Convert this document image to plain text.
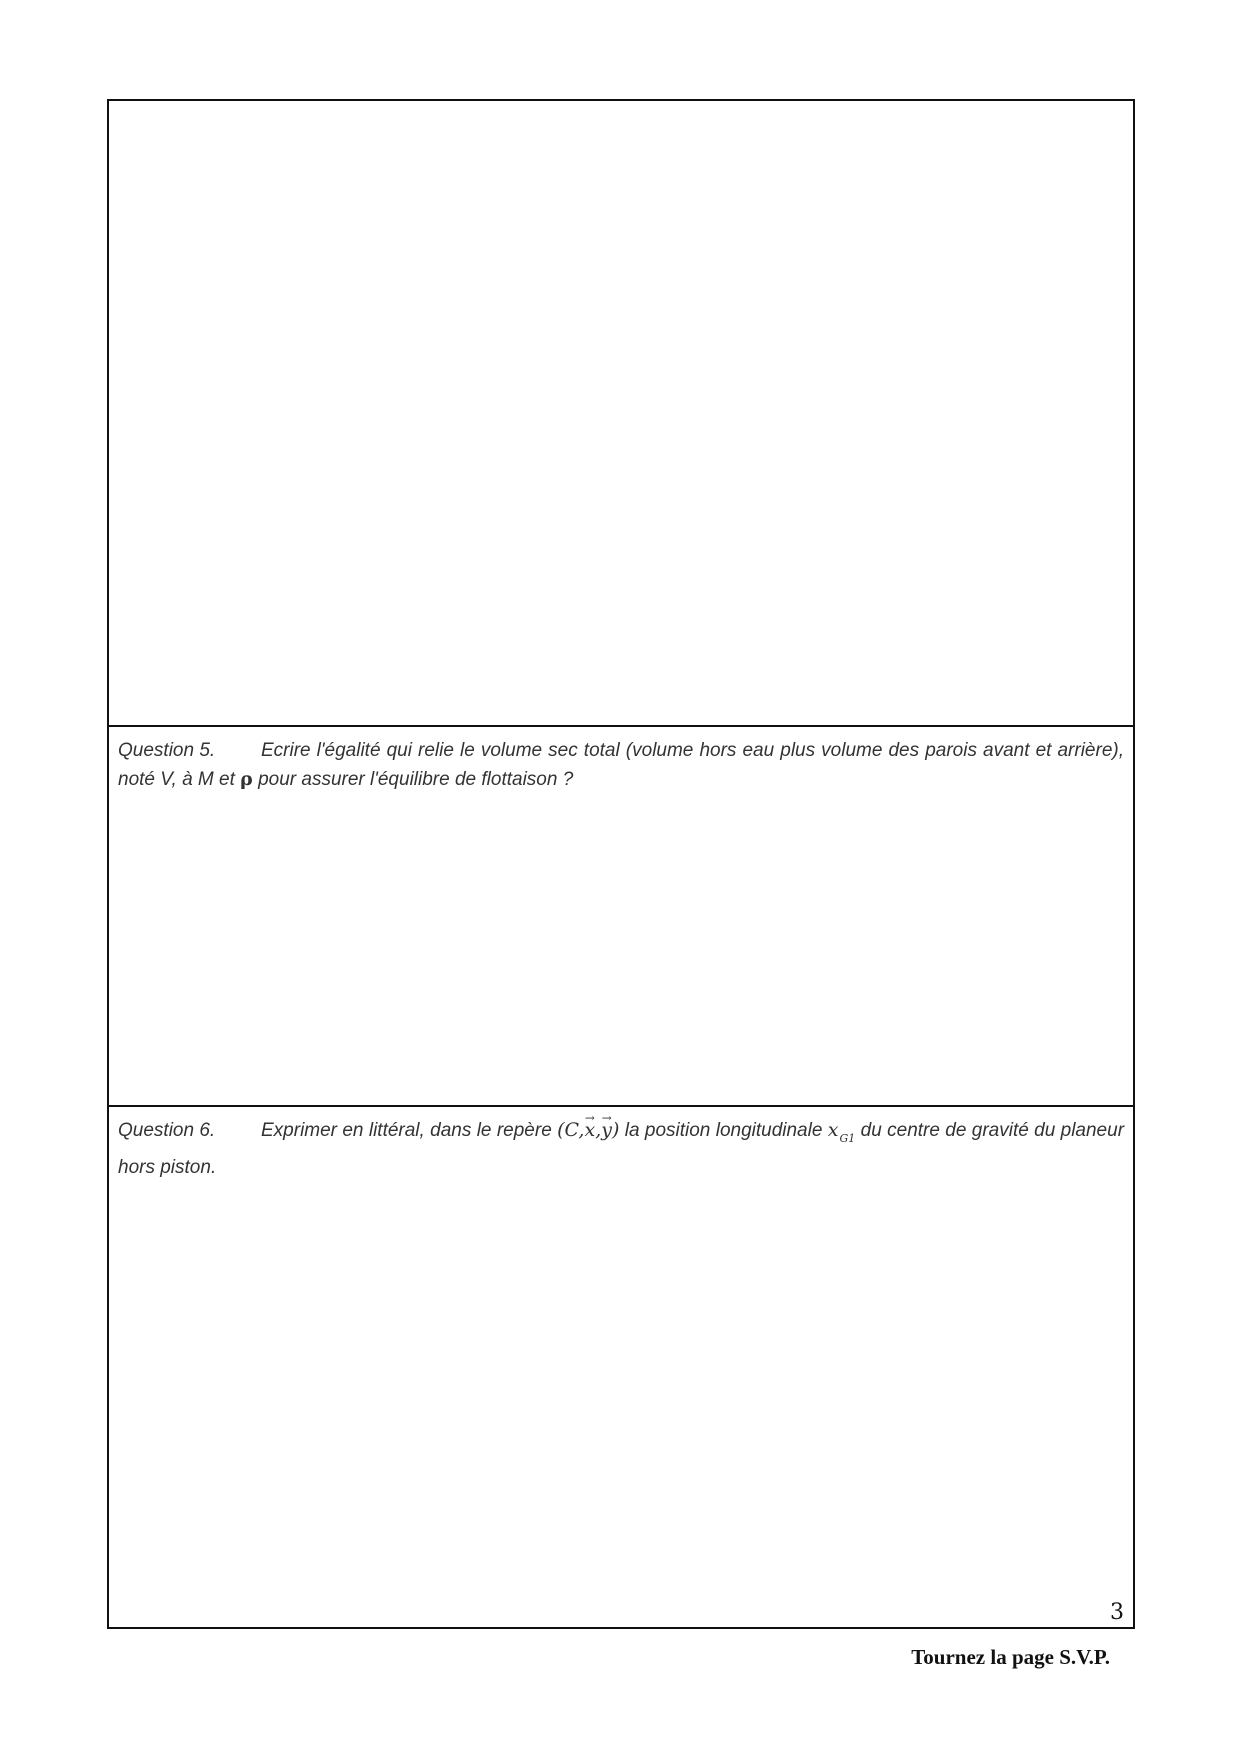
Question 5. Ecrire l'égalité qui relie le volume sec total (volume hors eau plus volume des parois avant et arrière), noté V, à M et ρ pour assurer l'équilibre de flottaison ?
Question 6. Exprimer en littéral, dans le repère (C,→ x,→ y) la position longitudinale $x_{G1}$ du centre de gravité du planeur hors piston.
3
Tournez la page S.V.P.
